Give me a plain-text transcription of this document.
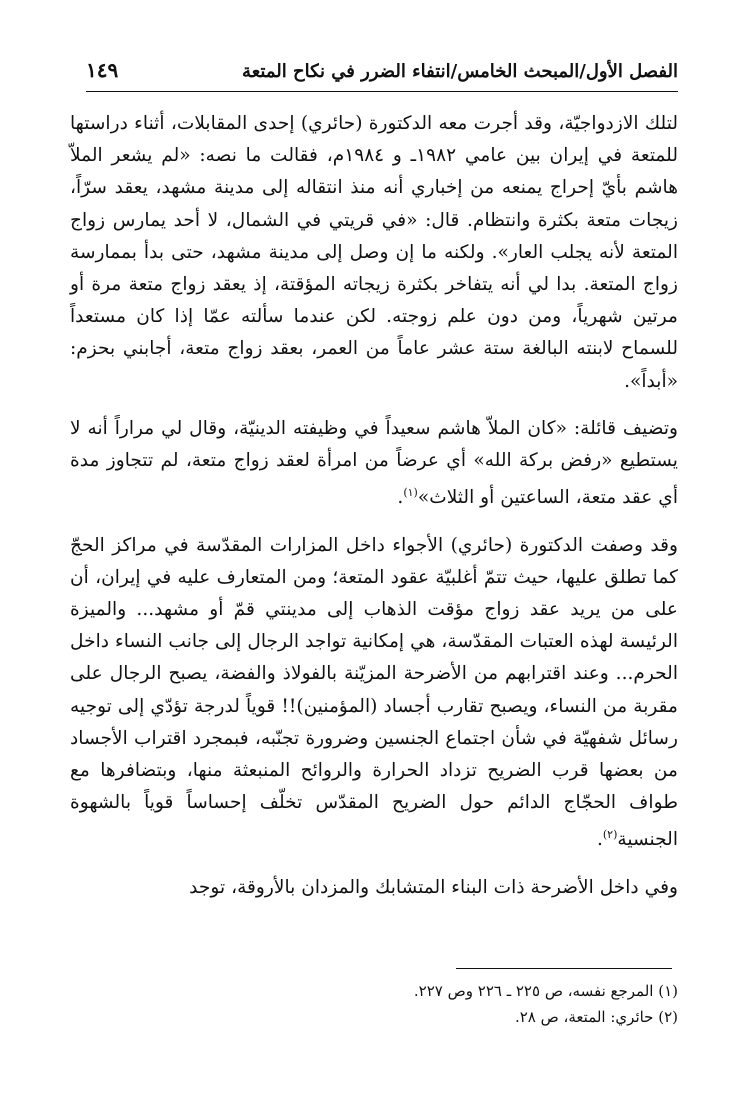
الفصل الأول/المبحث الخامس/انتفاء الضرر في نكاح المتعة
١٤٩

لتلك الازدواجيّة، وقد أجرت معه الدكتورة (حائري) إحدى المقابلات، أثناء دراستها للمتعة في إيران بين عامي ١٩٨٢ـ و ١٩٨٤م، فقالت ما نصه: «لم يشعر الملاّ هاشم بأيّ إحراج يمنعه من إخباري أنه منذ انتقاله إلى مدينة مشهد، يعقد سرّاً، زيجات متعة بكثرة وانتظام. قال: «في قريتي في الشمال، لا أحد يمارس زواج المتعة لأنه يجلب العار». ولكنه ما إن وصل إلى مدينة مشهد، حتى بدأ بممارسة زواج المتعة. بدا لي أنه يتفاخر بكثرة زيجاته المؤقتة، إذ يعقد زواج متعة مرة أو مرتين شهرياً، ومن دون علم زوجته. لكن عندما سألته عمّا إذا كان مستعداً للسماح لابنته البالغة ستة عشر عاماً من العمر، بعقد زواج متعة، أجابني بحزم: «أبداً».

وتضيف قائلة: «كان الملاّ هاشم سعيداً في وظيفته الدينيّة، وقال لي مراراً أنه لا يستطيع «رفض بركة الله» أي عرضاً من امرأة لعقد زواج متعة، لم تتجاوز مدة أي عقد متعة، الساعتين أو الثلاث»$^{(١)}$.

وقد وصفت الدكتورة (حائري) الأجواء داخل المزارات المقدّسة في مراكز الحجّ كما تطلق عليها، حيث تتمّ أغلبيّة عقود المتعة؛ ومن المتعارف عليه في إيران، أن على من يريد عقد زواج مؤقت الذهاب إلى مدينتي قمّ أو مشهد... والميزة الرئيسة لهذه العتبات المقدّسة، هي إمكانية تواجد الرجال إلى جانب النساء داخل الحرم... وعند اقترابهم من الأضرحة المزيّنة بالفولاذ والفضة، يصبح الرجال على مقربة من النساء، ويصبح تقارب أجساد (المؤمنين)!! قوياً لدرجة تؤدّي إلى توجيه رسائل شفهيّة في شأن اجتماع الجنسين وضرورة تجنّبه، فبمجرد اقتراب الأجساد من بعضها قرب الضريح تزداد الحرارة والروائح المنبعثة منها، وبتضافرها مع طواف الحجّاج الدائم حول الضريح المقدّس تخلّف إحساساً قوياً بالشهوة الجنسية$^{(٢)}$.

وفي داخل الأضرحة ذات البناء المتشابك والمزدان بالأروقة، توجد

(١) المرجع نفسه، ص ٢٢٥ ـ ٢٢٦ وص ٢٢٧.

(٢) حائري: المتعة، ص ٢٨.
